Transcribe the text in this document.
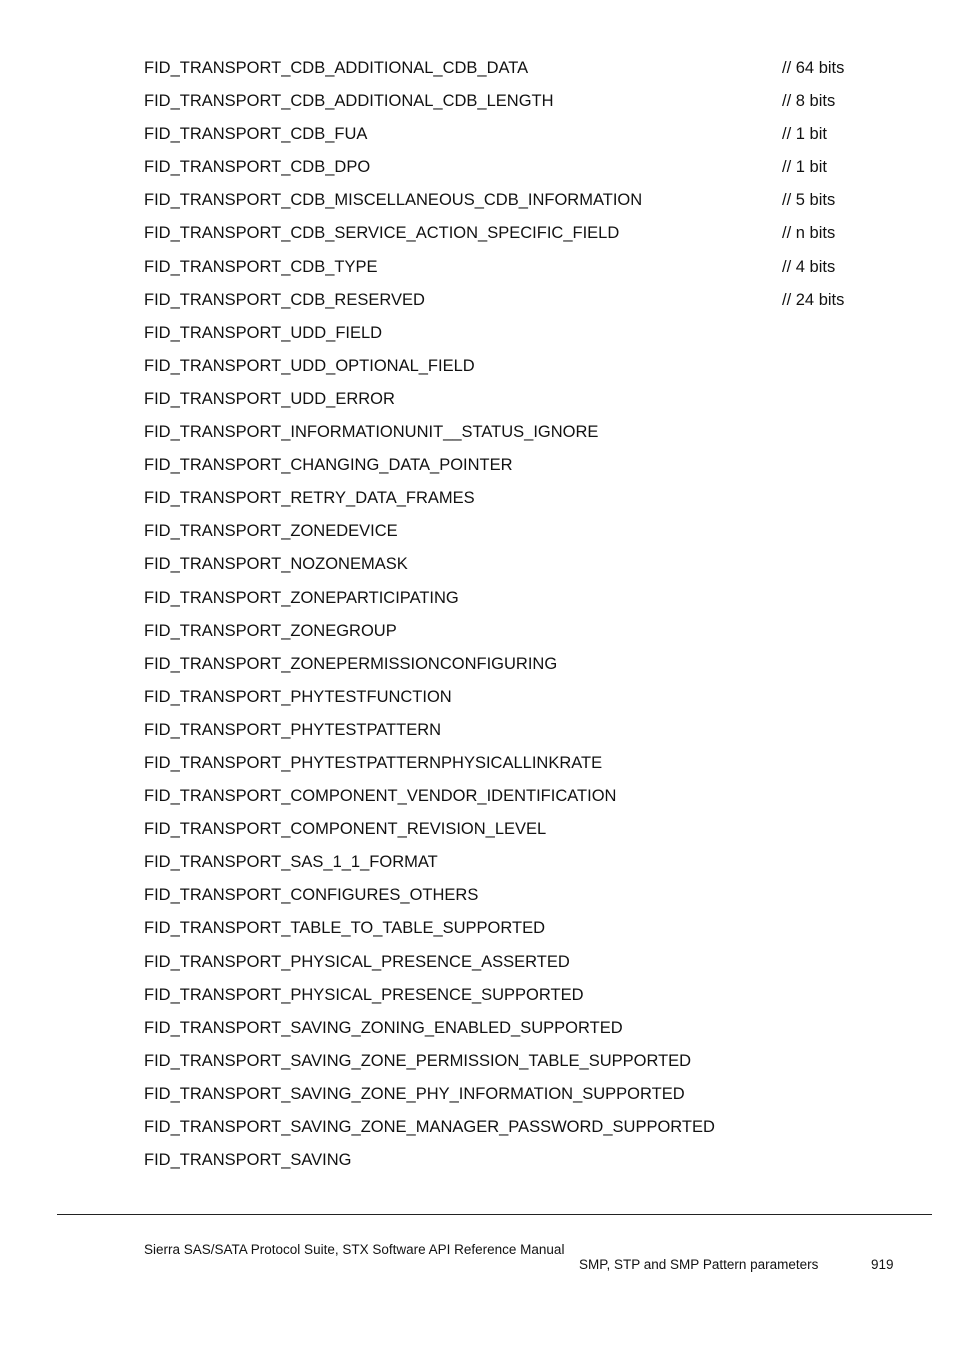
FID_TRANSPORT_CDB_ADDITIONAL_CDB_DATA	// 64 bits
FID_TRANSPORT_CDB_ADDITIONAL_CDB_LENGTH	// 8 bits
FID_TRANSPORT_CDB_FUA	// 1 bit
FID_TRANSPORT_CDB_DPO	// 1 bit
FID_TRANSPORT_CDB_MISCELLANEOUS_CDB_INFORMATION	// 5 bits
FID_TRANSPORT_CDB_SERVICE_ACTION_SPECIFIC_FIELD	// n bits
FID_TRANSPORT_CDB_TYPE	// 4 bits
FID_TRANSPORT_CDB_RESERVED	// 24 bits
FID_TRANSPORT_UDD_FIELD
FID_TRANSPORT_UDD_OPTIONAL_FIELD
FID_TRANSPORT_UDD_ERROR
FID_TRANSPORT_INFORMATIONUNIT__STATUS_IGNORE
FID_TRANSPORT_CHANGING_DATA_POINTER
FID_TRANSPORT_RETRY_DATA_FRAMES
FID_TRANSPORT_ZONEDEVICE
FID_TRANSPORT_NOZONEMASK
FID_TRANSPORT_ZONEPARTICIPATING
FID_TRANSPORT_ZONEGROUP
FID_TRANSPORT_ZONEPERMISSIONCONFIGURING
FID_TRANSPORT_PHYTESTFUNCTION
FID_TRANSPORT_PHYTESTPATTERN
FID_TRANSPORT_PHYTESTPATTERNPHYSICALLINKRATE
FID_TRANSPORT_COMPONENT_VENDOR_IDENTIFICATION
FID_TRANSPORT_COMPONENT_REVISION_LEVEL
FID_TRANSPORT_SAS_1_1_FORMAT
FID_TRANSPORT_CONFIGURES_OTHERS
FID_TRANSPORT_TABLE_TO_TABLE_SUPPORTED
FID_TRANSPORT_PHYSICAL_PRESENCE_ASSERTED
FID_TRANSPORT_PHYSICAL_PRESENCE_SUPPORTED
FID_TRANSPORT_SAVING_ZONING_ENABLED_SUPPORTED
FID_TRANSPORT_SAVING_ZONE_PERMISSION_TABLE_SUPPORTED
FID_TRANSPORT_SAVING_ZONE_PHY_INFORMATION_SUPPORTED
FID_TRANSPORT_SAVING_ZONE_MANAGER_PASSWORD_SUPPORTED
FID_TRANSPORT_SAVING
Sierra SAS/SATA Protocol Suite, STX Software API Reference Manual
SMP, STP and SMP Pattern parameters	919
